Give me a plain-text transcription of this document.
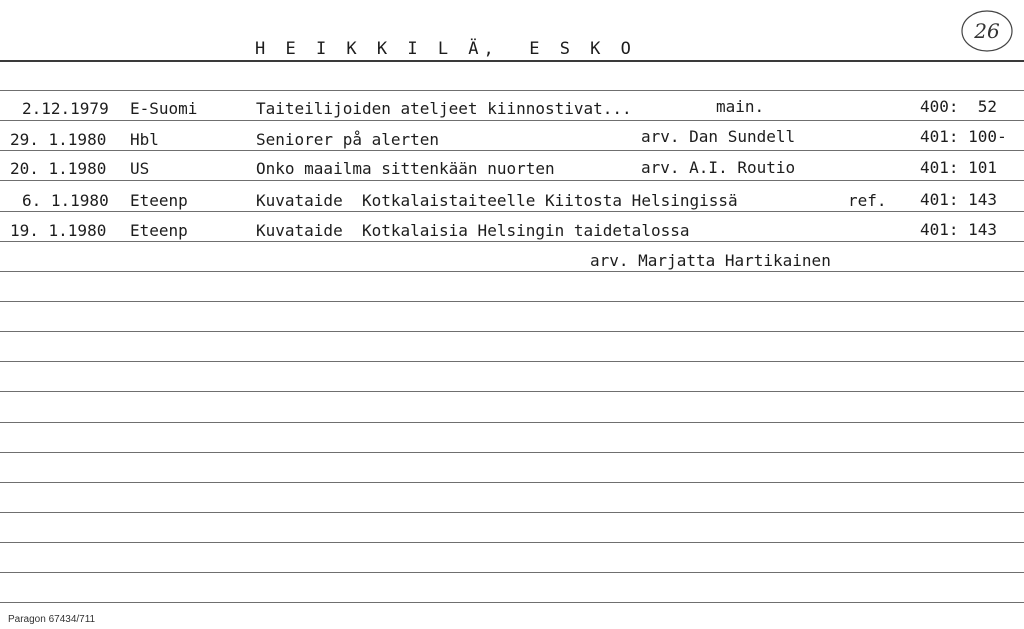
H E I K K I L Ä,  E S K O
26
2.12.1979 E-Suomi	Taiteilijoiden ateljeet kiinnostivat...	main.	400:  52
29. 1.1980 Hbl	Seniorer på alerten	arv. Dan Sundell	401: 100-
20. 1.1980 US	Onko maailma sittenkään nuorten	arv. A.I. Routio	401: 101
6. 1.1980 Eteenp	Kuvataide  Kotkalaistaiteelle Kiitosta Helsingissä	ref. 401: 143
19. 1.1980 Eteenp	Kuvataide  Kotkalaisia Helsingin taidetalossa	401: 143
arv. Marjatta Hartikainen
Paragon 67434/711
